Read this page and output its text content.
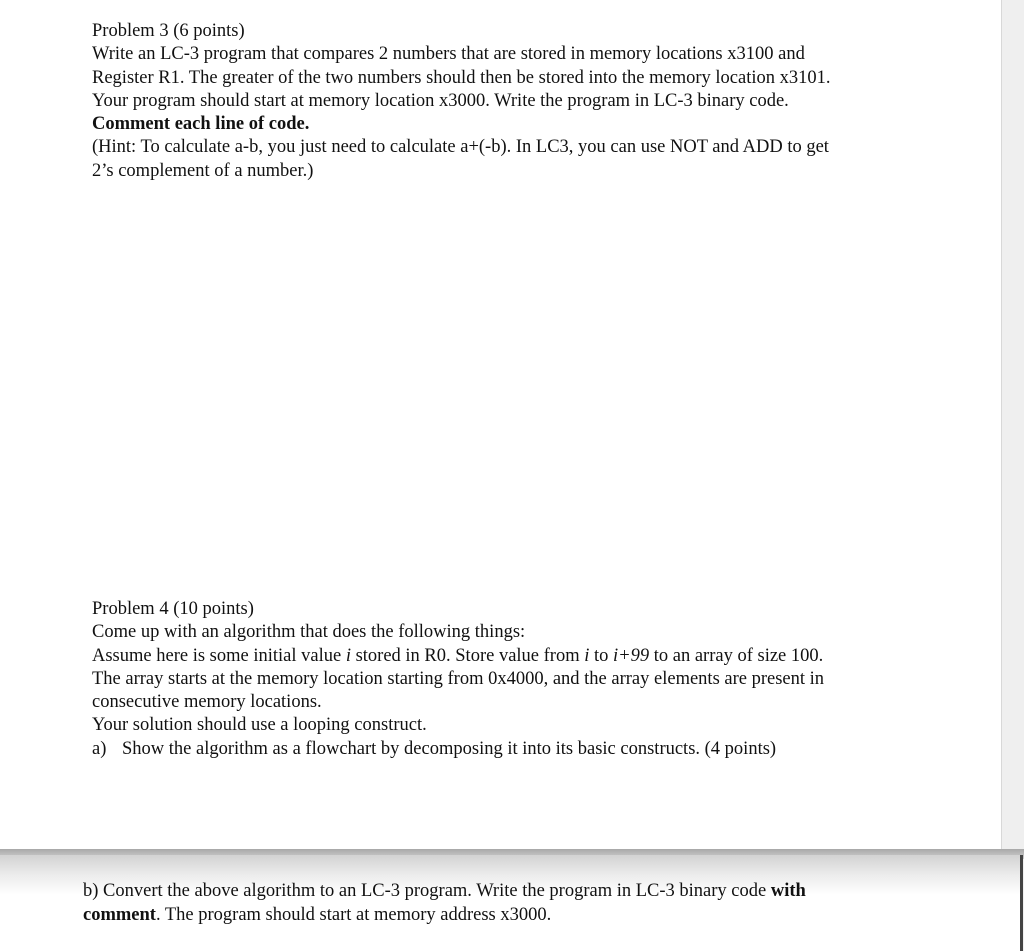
Problem 3 (6 points)

Write an LC-3 program that compares 2 numbers that are stored in memory locations x3100 and

Register R1. The greater of the two numbers should then be stored into the memory location x3101.

Your program should start at memory location x3000. Write the program in LC-3 binary code.

Comment each line of code.

(Hint: To calculate a-b, you just need to calculate a+(-b). In LC3, you can use NOT and ADD to get

2’s complement of a number.)

Problem 4 (10 points)

Come up with an algorithm that does the following things:

Assume here is some initial value i stored in R0. Store value from i to i+99 to an array of size 100.

The array starts at the memory location starting from 0x4000, and the array elements are present in

consecutive memory locations.

Your solution should use a looping construct.

a) Show the algorithm as a flowchart by decomposing it into its basic constructs. (4 points)

b) Convert the above algorithm to an LC-3 program. Write the program in LC-3 binary code with

comment. The program should start at memory address x3000.
